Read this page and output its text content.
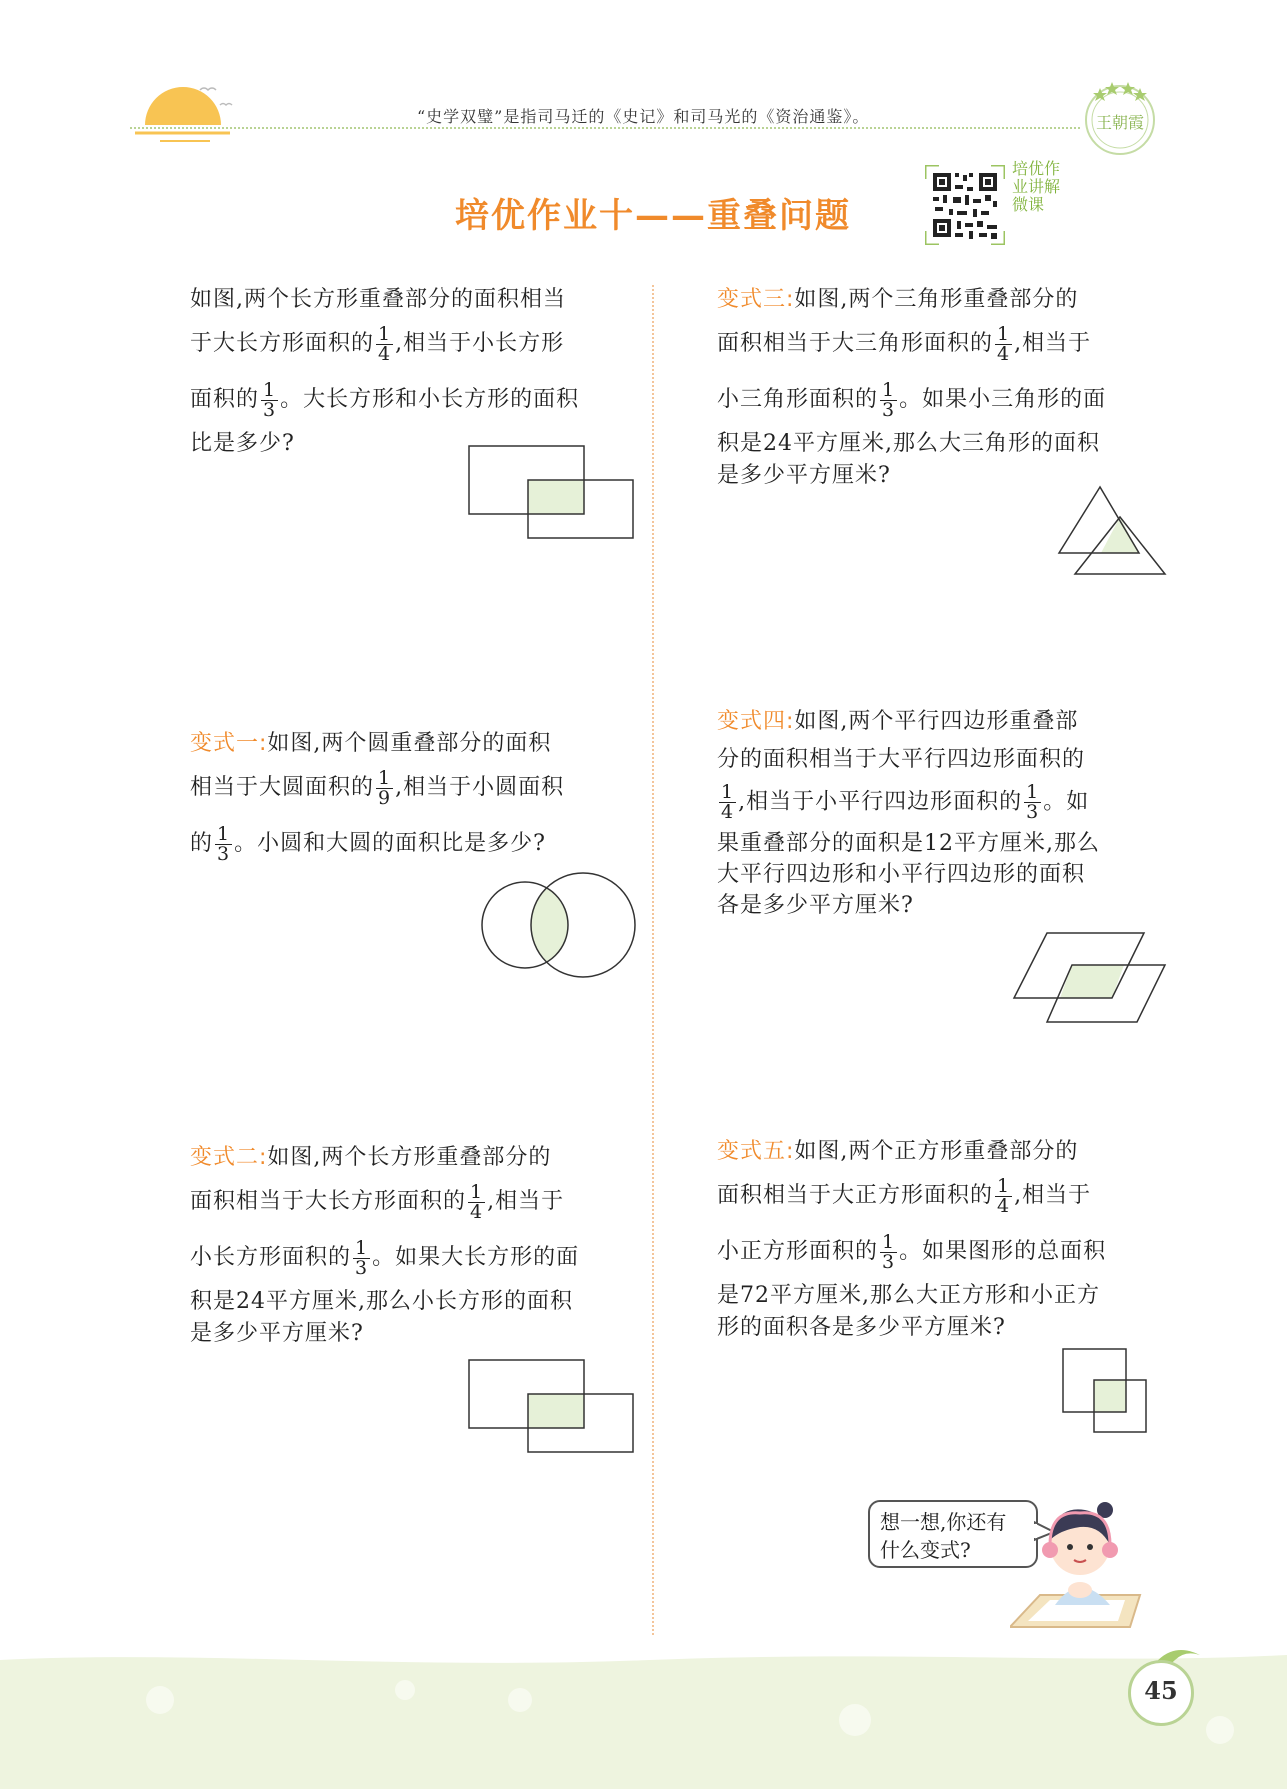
“史学双璧”是指司马迁的《史记》和司马光的《资治通鉴》。	王朝霞
培优作业十——重叠问题
培优作业讲解微课
如图,两个长方形重叠部分的面积相当
于大长方形面积的 $\frac{1}{4}$ ,相当于小长方形
面积的 $\frac{1}{3}$ 。大长方形和小长方形的面积
比是多少?
变式一:如图,两个圆重叠部分的面积
相当于大圆面积的 $\frac{1}{9}$ ,相当于小圆面积
的 $\frac{1}{3}$ 。小圆和大圆的面积比是多少?
变式二:如图,两个长方形重叠部分的
面积相当于大长方形面积的 $\frac{1}{4}$ ,相当于
小长方形面积的 $\frac{1}{3}$ 。如果大长方形的面
积是24平方厘米,那么小长方形的面积
是多少平方厘米?
变式三:如图,两个三角形重叠部分的
面积相当于大三角形面积的 $\frac{1}{4}$ ,相当于
小三角形面积的 $\frac{1}{3}$ 。如果小三角形的面
积是24平方厘米,那么大三角形的面积
是多少平方厘米?
变式四:如图,两个平行四边形重叠部
分的面积相当于大平行四边形面积的
$\frac{1}{4}$ ,相当于小平行四边形面积的 $\frac{1}{3}$ 。如
果重叠部分的面积是12平方厘米,那么
大平行四边形和小平行四边形的面积
各是多少平方厘米?
变式五:如图,两个正方形重叠部分的
面积相当于大正方形面积的 $\frac{1}{4}$ ,相当于
小正方形面积的 $\frac{1}{3}$ 。如果图形的总面积
是72平方厘米,那么大正方形和小正方
形的面积各是多少平方厘米?
想一想,你还有
什么变式?
45
